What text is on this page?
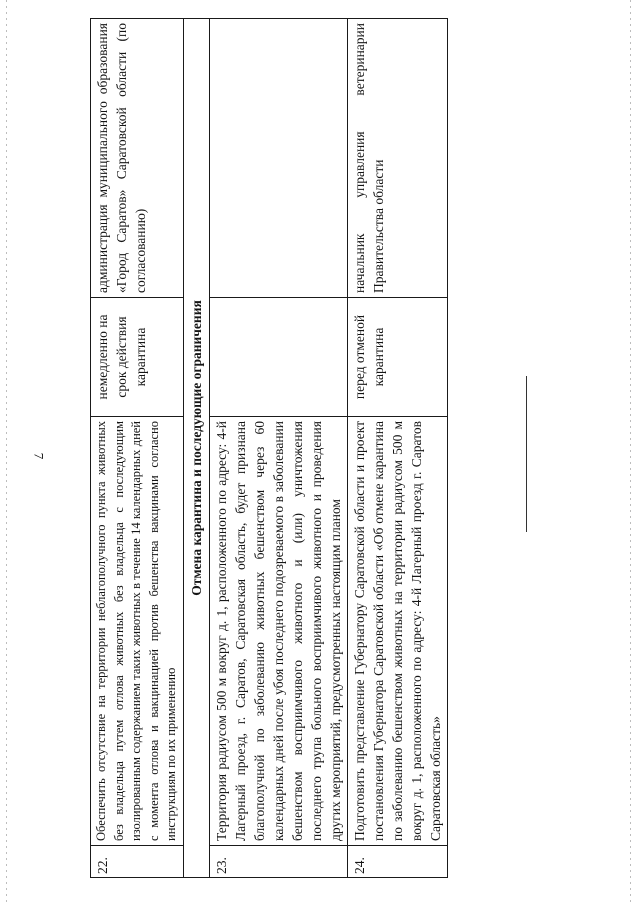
7
22.	Обеспечить отсутствие на территории неблагополучного пункта животных без владельца путем отлова животных без владельца с последующим изолированным содержанием таких животных в течение 14 календарных дней с момента отлова и вакцинацией против бешенства вакцинами согласно инструкциям по их применению	немедленно на срок действия карантина	администрация муниципального образования «Город Саратов» Саратовской области (по согласованию)
Отмена карантина и последующие ограничения			
23.	Территория радиусом 500 м вокруг д. 1, расположенного по адресу: 4-й Лагерный проезд, г. Саратов, Саратовская область, будет признана благополучной по заболеванию животных бешенством через 60 календарных дней после убоя последнего подозреваемого в заболевании бешенством восприимчивого животного и (или) уничтожения последнего трупа больного восприимчивого животного и проведения других мероприятий, предусмотренных настоящим планом		
24.	Подготовить представление Губернатору Саратовской области и проект постановления Губернатора Саратовской области «Об отмене карантина по заболеванию бешенством животных на территории радиусом 500 м вокруг д. 1, расположенного по адресу: 4-й Лагерный проезд г. Саратов Саратовская область»	перед отменой карантина	начальник управления ветеринарии Правительства области
